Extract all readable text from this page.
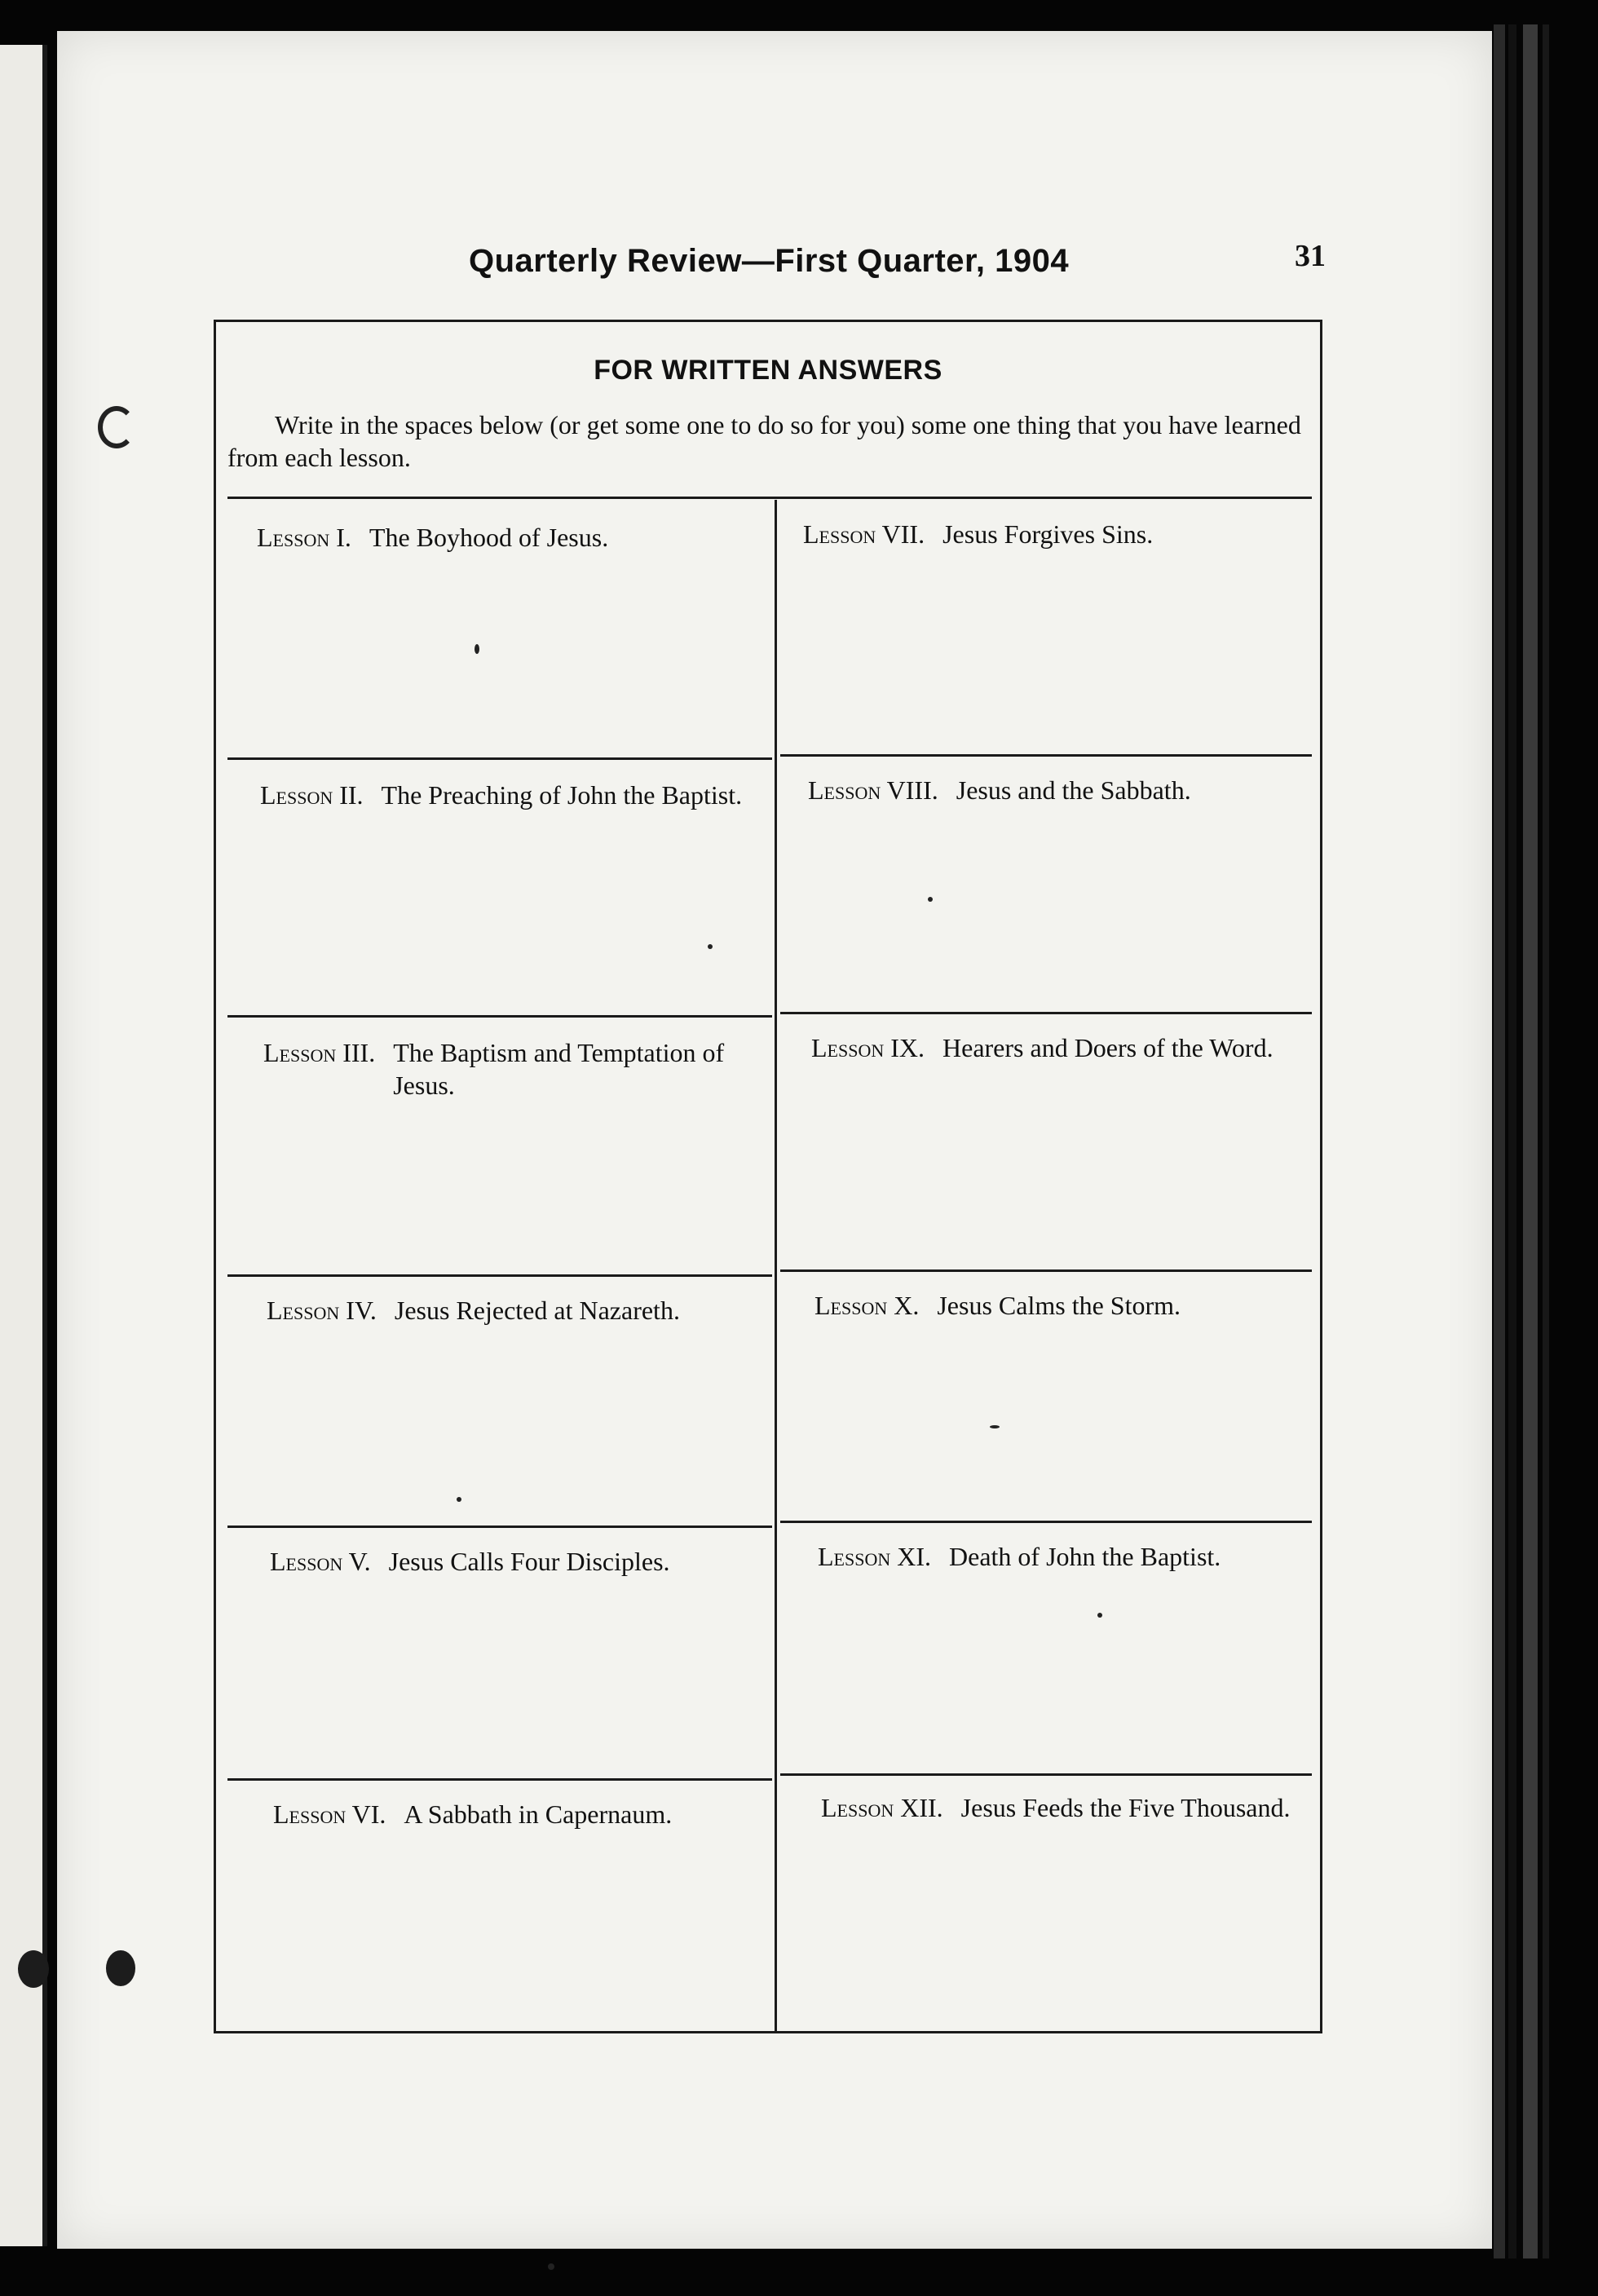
Quarterly Review—First Quarter, 1904	31
FOR WRITTEN ANSWERS
Write in the spaces below (or get some one to do so for you) some one thing that you have learned from each lesson.
Lesson I. The Boyhood of Jesus.
Lesson II. The Preaching of John the Baptist.
Lesson III. The Baptism and Temptation of Jesus.
Lesson IV. Jesus Rejected at Nazareth.
Lesson V. Jesus Calls Four Disciples.
Lesson VI. A Sabbath in Capernaum.
Lesson VII. Jesus Forgives Sins.
Lesson VIII. Jesus and the Sabbath.
Lesson IX. Hearers and Doers of the Word.
Lesson X. Jesus Calms the Storm.
Lesson XI. Death of John the Baptist.
Lesson XII. Jesus Feeds the Five Thousand.
